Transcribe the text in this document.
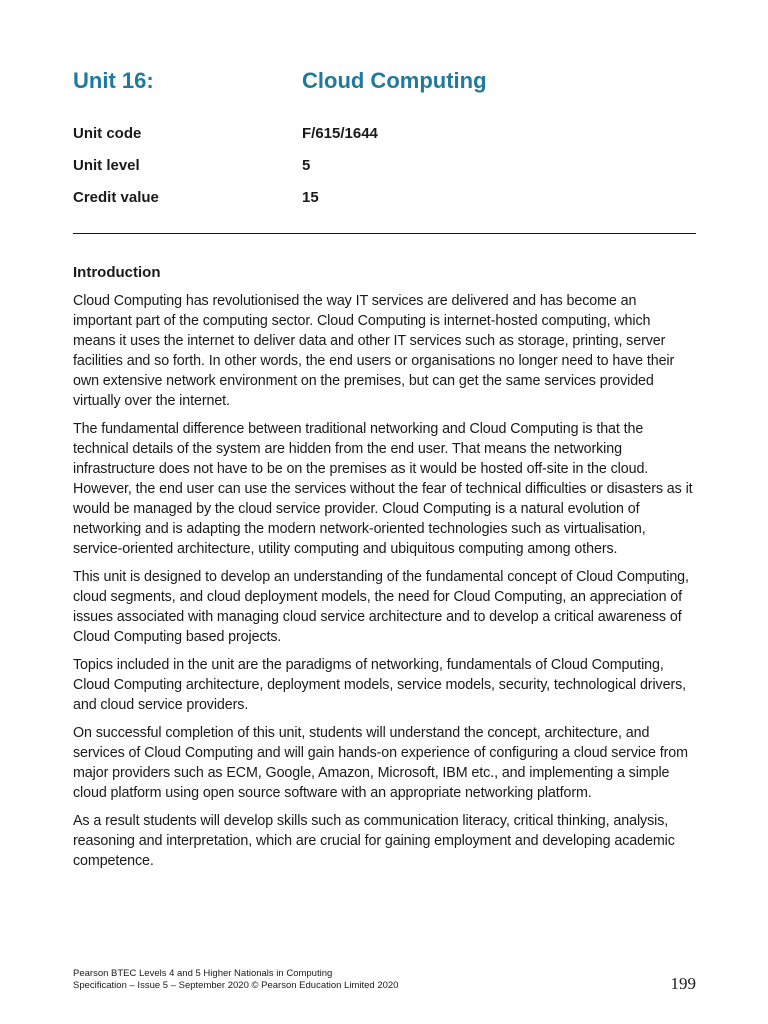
Unit 16:	Cloud Computing
Unit code	F/615/1644
Unit level	5
Credit value	15
Introduction

Cloud Computing has revolutionised the way IT services are delivered and has become an important part of the computing sector. Cloud Computing is internet-hosted computing, which means it uses the internet to deliver data and other IT services such as storage, printing, server facilities and so forth. In other words, the end users or organisations no longer need to have their own extensive network environment on the premises, but can get the same services provided virtually over the internet.

The fundamental difference between traditional networking and Cloud Computing is that the technical details of the system are hidden from the end user. That means the networking infrastructure does not have to be on the premises as it would be hosted off-site in the cloud. However, the end user can use the services without the fear of technical difficulties or disasters as it would be managed by the cloud service provider. Cloud Computing is a natural evolution of networking and is adapting the modern network-oriented technologies such as virtualisation, service-oriented architecture, utility computing and ubiquitous computing among others.

This unit is designed to develop an understanding of the fundamental concept of Cloud Computing, cloud segments, and cloud deployment models, the need for Cloud Computing, an appreciation of issues associated with managing cloud service architecture and to develop a critical awareness of Cloud Computing based projects.

Topics included in the unit are the paradigms of networking, fundamentals of Cloud Computing, Cloud Computing architecture, deployment models, service models, security, technological drivers, and cloud service providers.

On successful completion of this unit, students will understand the concept, architecture, and services of Cloud Computing and will gain hands-on experience of configuring a cloud service from major providers such as ECM, Google, Amazon, Microsoft, IBM etc., and implementing a simple cloud platform using open source software with an appropriate networking platform.

As a result students will develop skills such as communication literacy, critical thinking, analysis, reasoning and interpretation, which are crucial for gaining employment and developing academic competence.

Pearson BTEC Levels 4 and 5 Higher Nationals in Computing
Specification – Issue 5 – September 2020 © Pearson Education Limited 2020	199
